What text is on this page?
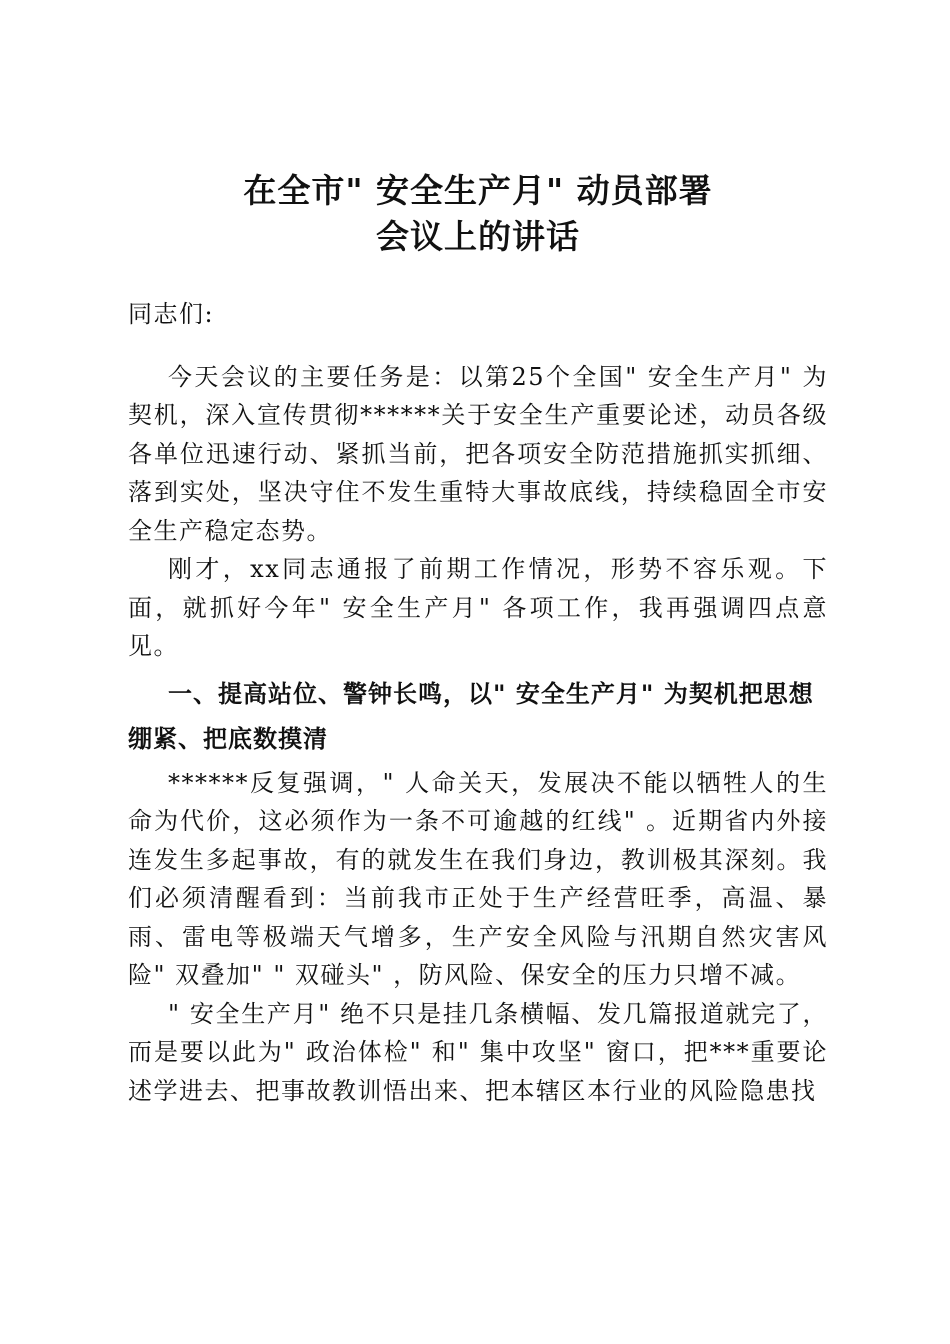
在全市" 安全生产月" 动员部署
会议上的讲话

同志们:

今天会议的主要任务是：以第25个全国" 安全生产月" 为契机，深入宣传贯彻******关于安全生产重要论述，动员各级各单位迅速行动、紧抓当前，把各项安全防范措施抓实抓细、落到实处，坚决守住不发生重特大事故底线，持续稳固全市安全生产稳定态势。

刚才，xx同志通报了前期工作情况，形势不容乐观。下面，就抓好今年" 安全生产月" 各项工作，我再强调四点意见。

一、提高站位、警钟长鸣，以" 安全生产月" 为契机把思想绷紧、把底数摸清

******反复强调，" 人命关天，发展决不能以牺牲人的生命为代价，这必须作为一条不可逾越的红线" 。近期省内外接连发生多起事故，有的就发生在我们身边，教训极其深刻。我们必须清醒看到：当前我市正处于生产经营旺季，高温、暴雨、雷电等极端天气增多，生产安全风险与汛期自然灾害风险" 双叠加" " 双碰头" ，防风险、保安全的压力只增不减。

" 安全生产月" 绝不只是挂几条横幅、发几篇报道就完了，而是要以此为" 政治体检" 和" 集中攻坚" 窗口，把***重要论述学进去、把事故教训悟出来、把本辖区本行业的风险隐患找
